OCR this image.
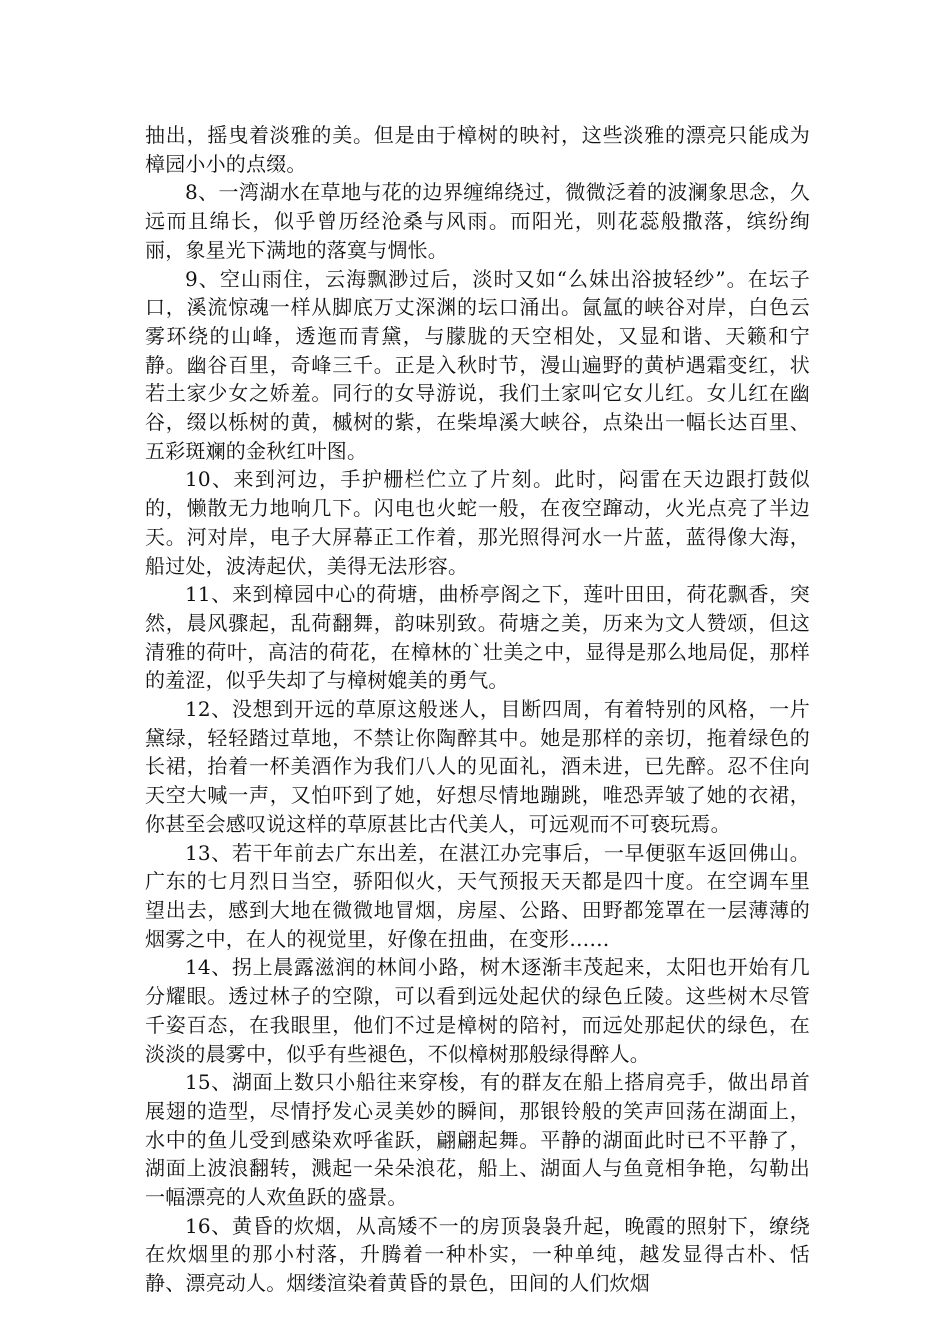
抽出，摇曳着淡雅的美。但是由于樟树的映衬，这些淡雅的漂亮只能成为樟园小小的点缀。

8、一湾湖水在草地与花的边界缠绵绕过，微微泛着的波澜象思念，久远而且绵长，似乎曾历经沧桑与风雨。而阳光，则花蕊般撒落，缤纷绚丽，象星光下满地的落寞与惆怅。

9、空山雨住，云海飘渺过后，淡时又如“么妹出浴披轻纱”。在坛子口，溪流惊魂一样从脚底万丈深渊的坛口涌出。氤氲的峡谷对岸，白色云雾环绕的山峰，透迤而青黛，与朦胧的天空相处，又显和谐、天籁和宁静。幽谷百里，奇峰三千。正是入秋时节，漫山遍野的黄栌遇霜变红，状若土家少女之娇羞。同行的女导游说，我们土家叫它女儿红。女儿红在幽谷，缀以栎树的黄，槭树的紫，在柴埠溪大峡谷，点染出一幅长达百里、五彩斑斓的金秋红叶图。

10、来到河边，手护栅栏伫立了片刻。此时，闷雷在天边跟打鼓似的，懒散无力地响几下。闪电也火蛇一般，在夜空蹿动，火光点亮了半边天。河对岸，电子大屏幕正工作着，那光照得河水一片蓝，蓝得像大海，船过处，波涛起伏，美得无法形容。

11、来到樟园中心的荷塘，曲桥亭阁之下，莲叶田田，荷花飘香，突然，晨风骤起，乱荷翻舞，韵味别致。荷塘之美，历来为文人赞颂，但这清雅的荷叶，高洁的荷花，在樟林的`壮美之中，显得是那么地局促，那样的羞涩，似乎失却了与樟树媲美的勇气。

12、没想到开远的草原这般迷人，目断四周，有着特别的风格，一片黛绿，轻轻踏过草地，不禁让你陶醉其中。她是那样的亲切，拖着绿色的长裙，抬着一杯美酒作为我们八人的见面礼，酒未进，已先醉。忍不住向天空大喊一声，又怕吓到了她，好想尽情地蹦跳，唯恐弄皱了她的衣裙，你甚至会感叹说这样的草原甚比古代美人，可远观而不可亵玩焉。

13、若干年前去广东出差，在湛江办完事后，一早便驱车返回佛山。广东的七月烈日当空，骄阳似火，天气预报天天都是四十度。在空调车里望出去，感到大地在微微地冒烟，房屋、公路、田野都笼罩在一层薄薄的烟雾之中，在人的视觉里，好像在扭曲，在变形……

14、拐上晨露滋润的林间小路，树木逐渐丰茂起来，太阳也开始有几分耀眼。透过林子的空隙，可以看到远处起伏的绿色丘陵。这些树木尽管千姿百态，在我眼里，他们不过是樟树的陪衬，而远处那起伏的绿色，在淡淡的晨雾中，似乎有些褪色，不似樟树那般绿得醉人。

15、湖面上数只小船往来穿梭，有的群友在船上搭肩亮手，做出昂首展翅的造型，尽情抒发心灵美妙的瞬间，那银铃般的笑声回荡在湖面上，水中的鱼儿受到感染欢呼雀跃，翩翩起舞。平静的湖面此时已不平静了，湖面上波浪翻转，溅起一朵朵浪花，船上、湖面人与鱼竟相争艳，勾勒出一幅漂亮的人欢鱼跃的盛景。

16、黄昏的炊烟，从高矮不一的房顶袅袅升起，晚霞的照射下，缭绕在炊烟里的那小村落，升腾着一种朴实，一种单纯，越发显得古朴、恬静、漂亮动人。烟缕渲染着黄昏的景色，田间的人们炊烟
